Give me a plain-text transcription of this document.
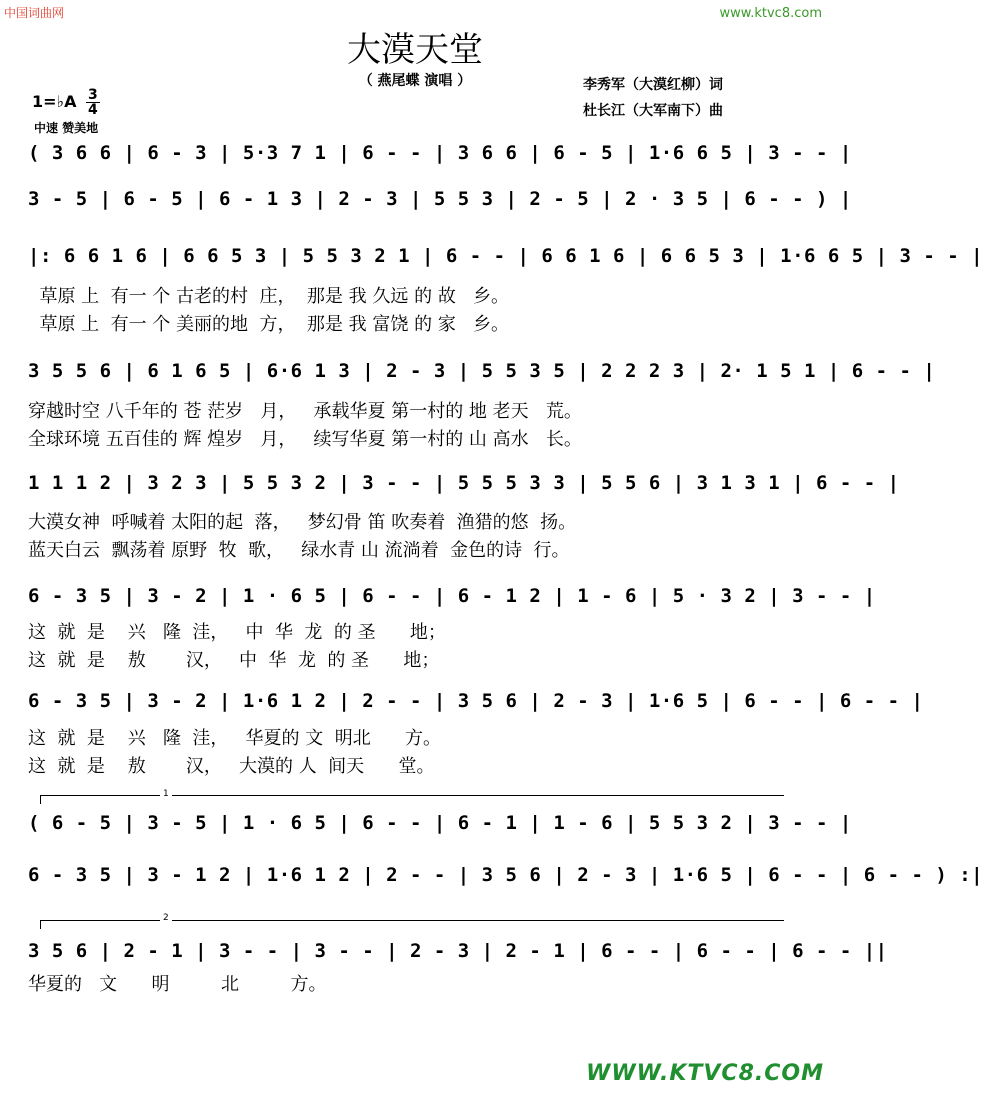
中国词曲网	www.ktvc8.com
大漠天堂
（ 燕尾蝶 演唱 ）	李秀军（大漠红柳）词
杜长江（大军南下）曲
1=♭A $\frac{3}{4}$
中速 赞美地
( 3 6 6 | 6 - 3 | 5·3 7 1 | 6 - - | 3 6 6 | 6 - 5 | 1·6 6 5 | 3 - - |
3 - 5 | 6 - 5 | 6 - 1 3 | 2 - 3 | 5 5 3 | 2 - 5 | 2 · 3 5 | 6 - - ) |
|: 6 6 1 6 | 6 6 5 3 | 5 5 3 2 1 | 6 - - | 6 6 1 6 | 6 6 5 3 | 1·6 6 5 | 3 - - |
草原 上  有一 个 古老的村  庄，  那是 我 久远 的 故   乡。
草原 上  有一 个 美丽的地  方，  那是 我 富饶 的 家   乡。
3 5 5 6 | 6 1 6 5 | 6·6 1 3 | 2 - 3 | 5 5 3 5 | 2 2 2 3 | 2· 1 5 1 | 6 - - |
穿越时空 八千年的 苍 茫岁   月，   承载华夏 第一村的 地 老天   荒。
全球环境 五百佳的 辉 煌岁   月，   续写华夏 第一村的 山 高水   长。
1 1 1 2 | 3 2 3 | 5 5 3 2 | 3 - - | 5 5 5 3 3 | 5 5 6 | 3 1 3 1 | 6 - - |
大漠女神  呼喊着 太阳的起  落，   梦幻骨 笛 吹奏着  渔猎的悠  扬。
蓝天白云  飘荡着 原野  牧  歌，   绿水青 山 流淌着  金色的诗  行。
6 - 3 5 | 3 - 2 | 1 · 6 5 | 6 - - | 6 - 1 2 | 1 - 6 | 5 · 3 2 | 3 - - |
这  就  是    兴   隆  洼，   中  华  龙  的 圣      地；
这  就  是    敖       汉，   中  华  龙  的 圣      地；
6 - 3 5 | 3 - 2 | 1·6 1 2 | 2 - - | 3 5 6 | 2 - 3 | 1·6 5 | 6 - - | 6 - - |
这  就  是    兴   隆  洼，   华夏的 文  明北      方。
这  就  是    敖       汉，   大漠的 人  间天      堂。
1
( 6 - 5 | 3 - 5 | 1 · 6 5 | 6 - - | 6 - 1 | 1 - 6 | 5 5 3 2 | 3 - - |
6 - 3 5 | 3 - 1 2 | 1·6 1 2 | 2 - - | 3 5 6 | 2 - 3 | 1·6 5 | 6 - - | 6 - - ) :|
2
3 5 6 | 2 - 1 | 3 - - | 3 - - | 2 - 3 | 2 - 1 | 6 - - | 6 - - | 6 - - ||
华夏的   文      明         北         方。
WWW.KTVC8.COM
